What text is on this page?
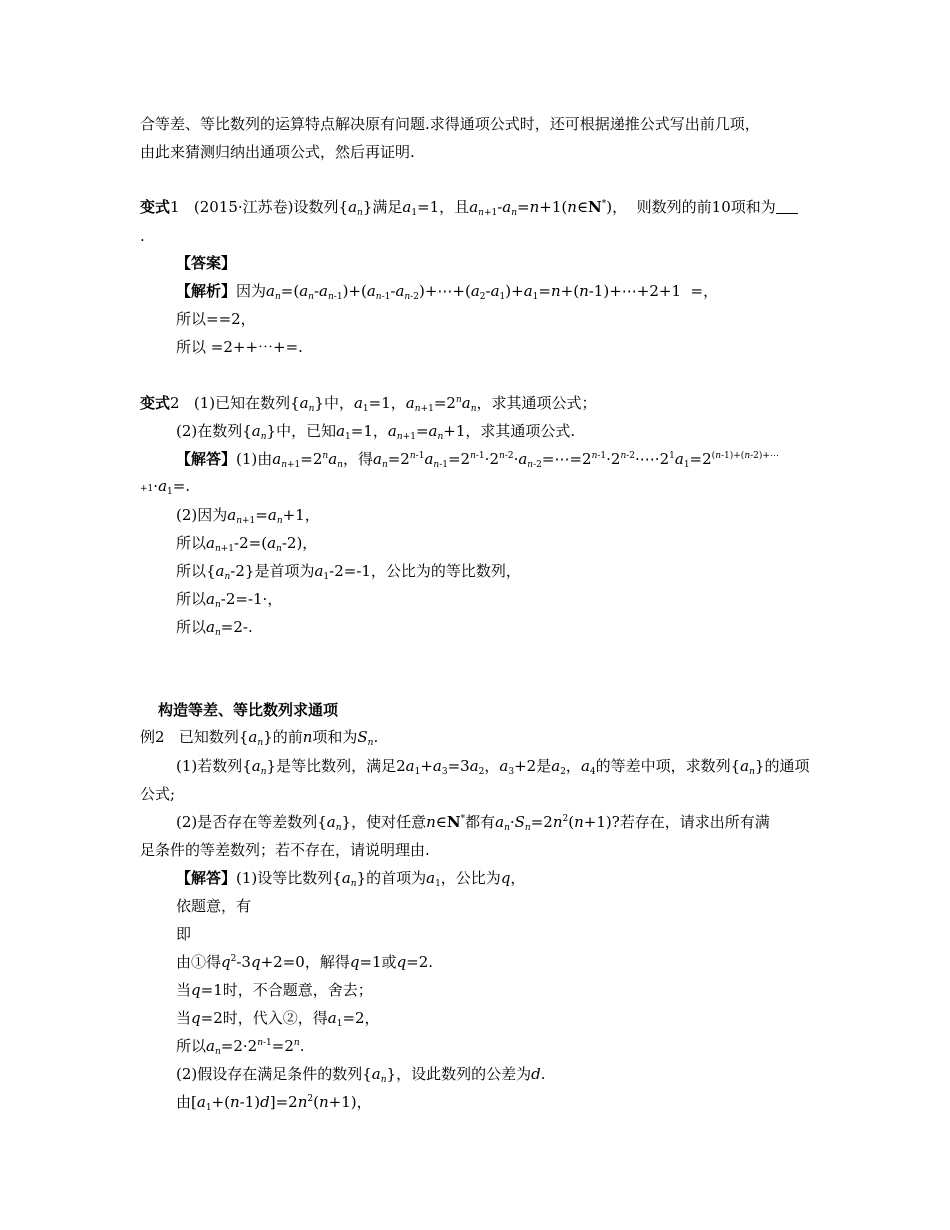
合等差、等比数列的运算特点解决原有问题.求得通项公式时，还可根据递推公式写出前几项，
由此来猜测归纳出通项公式，然后再证明.
变式1 (2015·江苏卷)设数列$\{a_n\}$满足$a_1=1$，且$a_{n+1}-a_n=n+1(n\in N^*)$，  则数列的前10项和为
.
【答案】
【解析】因为$a_n=(a_n-a_{n-1})+(a_{n-1}-a_{n-2})+\cdots+(a_2-a_1)+a_1=n+(n-1)+\cdots+2+1$  =，
所以==2，
所以 =2++⋯+=.
变式2   (1)已知在数列$\{a_n\}$中，$a_1=1$，$a_{n+1}=2^na_n$，求其通项公式；
(2)在数列$\{a_n\}$中，已知$a_1=1$，$a_{n+1}=a_n+1$，求其通项公式.
【解答】(1)由$a_{n+1}=2^na_n$，得$a_n=2^{n-1}a_{n-1}=2^{n-1}\cdot 2^{n-2}\cdot a_{n-2}=\cdots=2^{n-1}\cdot 2^{n-2}\cdot\cdots\cdot 2^1a_1=2^{(n-1)+(n-2)+\cdots}$
$+1\cdot a_1=$.
(2)因为$a_{n+1}=a_n+1$，
所以$a_{n+1}-2=(a_n-2)$，
所以$\{a_n-2\}$是首项为$a_1-2=-1$，公比为的等比数列，
所以$a_n-2=-1\cdot$，
所以$a_n=2-$.
构造等差、等比数列求通项
例2   已知数列$\{a_n\}$的前n项和为$S_n$.
(1)若数列$\{a_n\}$是等比数列，满足$2a_1+a_3=3a_2$，$a_3+2$是$a_2$，$a_4$的等差中项，求数列$\{a_n\}$的通项
公式;
(2)是否存在等差数列$\{a_n\}$，使对任意n∈N*都有$a_n\cdot S_n=2n^2(n+1)$?若存在，请求出所有满
足条件的等差数列；若不存在，请说明理由.
【解答】(1)设等比数列$\{a_n\}$的首项为$a_1$，公比为q，
依题意，有
即
由①得$q^2-3q+2=0$，解得q=1或q=2.
当q=1时，不合题意，舍去；
当q=2时，代入②，得$a_1=2$，
所以$a_n=2\cdot 2^{n-1}=2^n$.
(2)假设存在满足条件的数列$\{a_n\}$，设此数列的公差为d.
由$[a_1+(n-1)d]=2n^2(n+1)$，
